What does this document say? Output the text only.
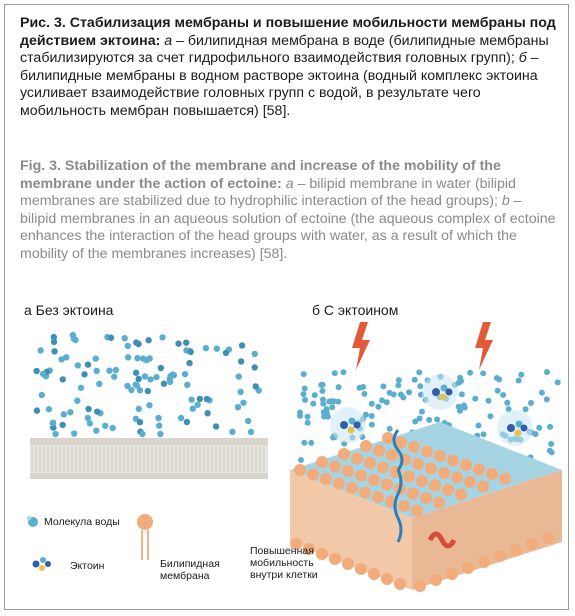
Рис. 3. Стабилизация мембраны и повышение мобильности мембраны под действием эктоина: а – билипидная мембрана в воде (билипидные мембраны стабилизируются за счет гидрофильного взаимодействия головных групп); б – билипидные мембраны в водном растворе эктоина (водный комплекс эктоина усиливает взаимодействие головных групп с водой, в результате чего мобильность мембран повышается) [58].
Fig. 3. Stabilization of the membrane and increase of the mobility of the membrane under the action of ectoine: a – bilipid membrane in water (bilipid membranes are stabilized due to hydrophilic interaction of the head groups); b – bilipid membranes in an aqueous solution of ectoine (the aqueous complex of ectoine enhances the interaction of the head groups with water, as a result of which the mobility of the membranes increases) [58].
а Без эктоина	б С эктоином
Молекула воды
Эктоин	Билипидная мембрана
Повышенная мобильность внутри клетки
